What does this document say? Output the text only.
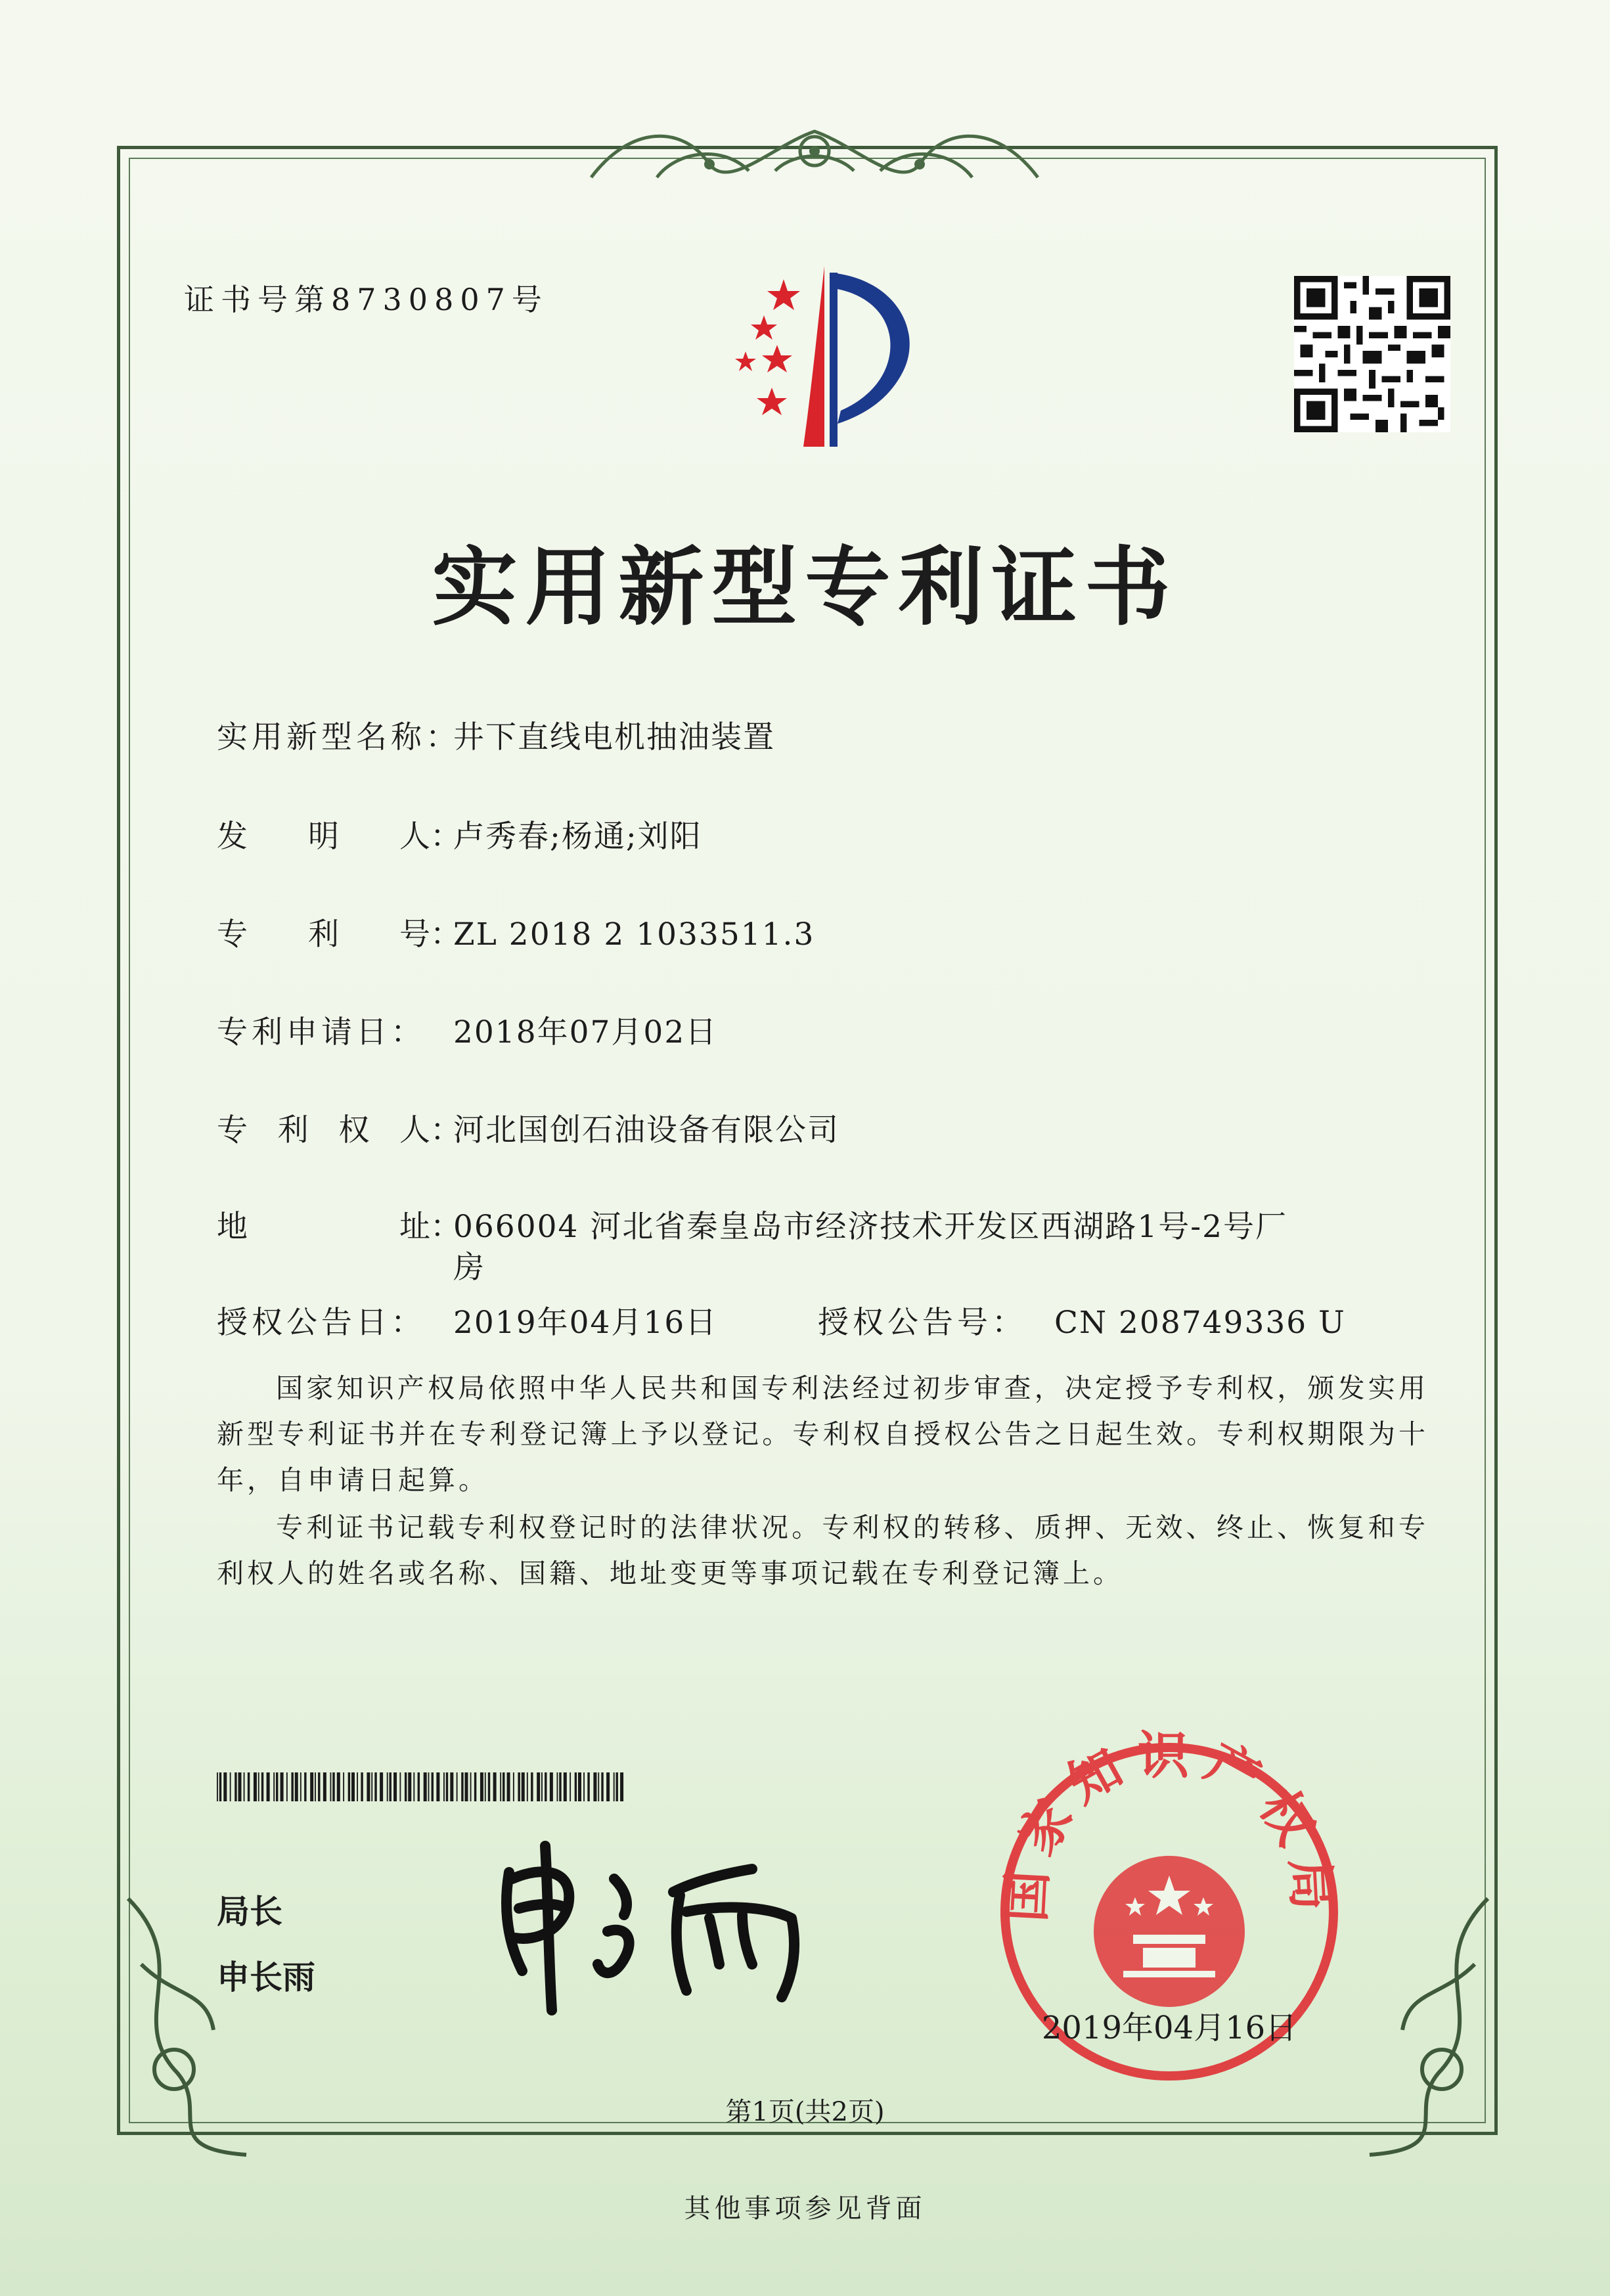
证书号第8730807号
实用新型专利证书
实用新型名称：井下直线电机抽油装置
发 明 人 ：卢秀春;杨通;刘阳
专 利 号 ：ZL 2018 2 1033511.3
专利申请日： 2018年07月02日
专 利 权 人 ：河北国创石油设备有限公司
地	址 ：066004 河北省秦皇岛市经济技术开发区西湖路1号-2号厂
房
授权公告日： 2019年04月16日	授权公告号： CN 208749336 U
国家知识产权局依照中华人民共和国专利法经过初步审查，决定授予专利权，颁发实用新型专利证书并在专利登记簿上予以登记。专利权自授权公告之日起生效。专利权期限为十年，自申请日起算。
专利证书记载专利权登记时的法律状况。专利权的转移、质押、无效、终止、恢复和专利权人的姓名或名称、国籍、地址变更等事项记载在专利登记簿上。
局长
申长雨
国家知识产权局
2019年04月16日
第1页(共2页)
其他事项参见背面
